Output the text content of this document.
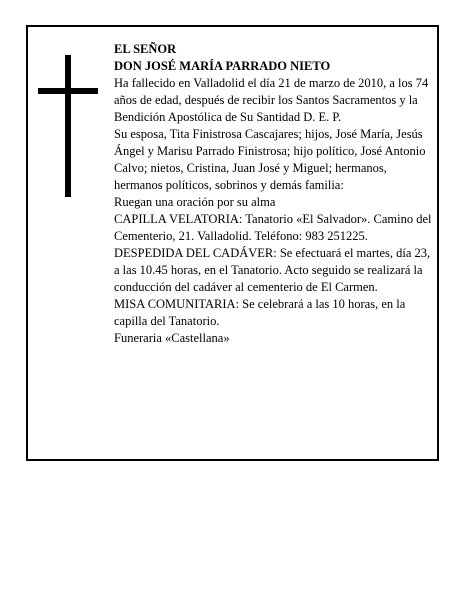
EL SEÑOR

DON JOSÉ MARÍA PARRADO NIETO

Ha fallecido en Valladolid el día 21 de marzo de 2010, a los 74 años de edad, después de recibir los Santos Sacramentos y la Bendición Apostólica de Su Santidad D. E. P.

Su esposa, Tita Finistrosa Cascajares; hijos, José María, Jesús Ángel y Marisu Parrado Finistrosa; hijo político, José Antonio Calvo; nietos, Cristina, Juan José y Miguel; hermanos, hermanos políticos, sobrinos y demás familia:

Ruegan una oración por su alma

CAPILLA VELATORIA: Tanatorio «El Salvador». Camino del Cementerio, 21. Valladolid. Teléfono: 983 251225.

DESPEDIDA DEL CADÁVER: Se efectuará el martes, día 23, a las 10.45 horas, en el Tanatorio. Acto seguido se realizará la conducción del cadáver al cementerio de El Carmen.

MISA COMUNITARIA: Se celebrará a las 10 horas, en la capilla del Tanatorio.

Funeraria «Castellana»
